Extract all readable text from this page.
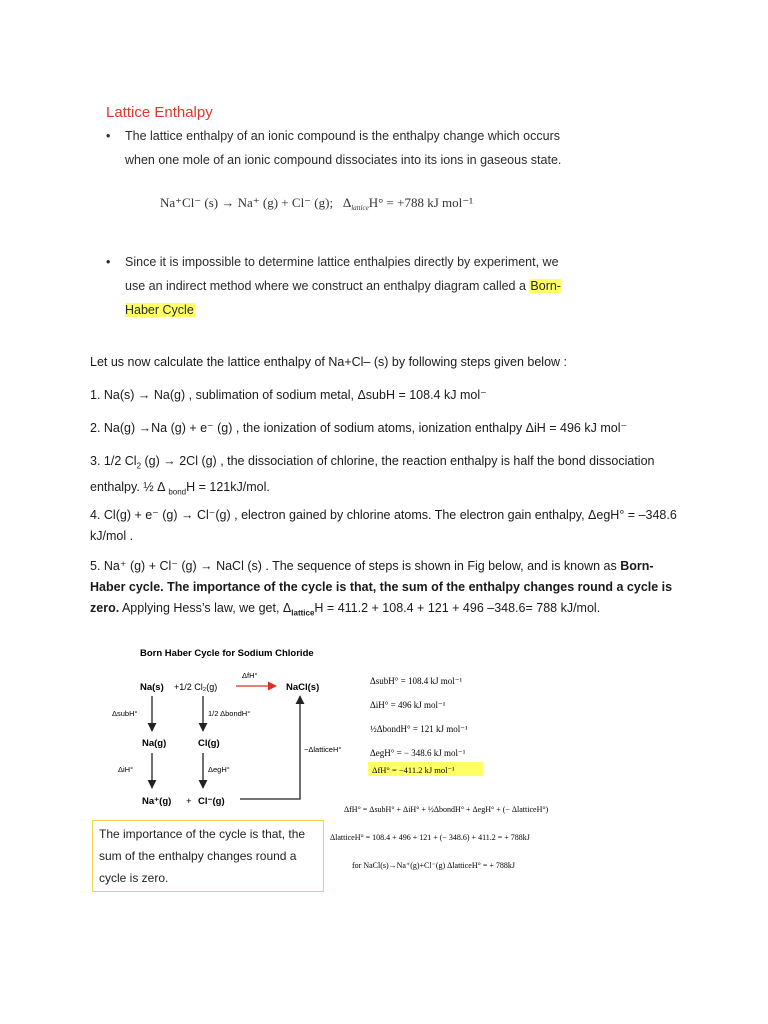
Lattice Enthalpy
• The lattice enthalpy of an ionic compound is the enthalpy change which occurs when one mole of an ionic compound dissociates into its ions in gaseous state.
Na⁺Cl⁻ (s) → Na⁺ (g) + Cl⁻ (g); $\Delta_{lattice}H^\circ = +788$ kJ mol⁻¹
• Since it is impossible to determine lattice enthalpies directly by experiment, we use an indirect method where we construct an enthalpy diagram called a Born-Haber Cycle
Let us now calculate the lattice enthalpy of Na+Cl– (s) by following steps given below :
1. Na(s) → Na(g) , sublimation of sodium metal, ΔsubH = 108.4 kJ mol⁻
2. Na(g) →Na (g) + e⁻ (g) , the ionization of sodium atoms, ionization enthalpy ΔiH = 496 kJ mol⁻
3. 1/2 $Cl_2$ (g) → 2Cl (g) , the dissociation of chlorine, the reaction enthalpy is half the bond dissociation enthalpy. ½ Δ $_{bond}$H = 121kJ/mol.
4. Cl(g) + e⁻ (g) → Cl⁻(g) , electron gained by chlorine atoms. The electron gain enthalpy, ΔegH° = –348.6 kJ/mol .
5. Na⁺ (g) + Cl⁻ (g) → NaCl (s) . The sequence of steps is shown in Fig below, and is known as Born-Haber cycle. The importance of the cycle is that, the sum of the enthalpy changes round a cycle is zero. Applying Hess’s law, we get, $\Delta_{lattice}H = 411.2 + 108.4 + 121 + 496$ –348.6= 788 kJ/mol.
Born Haber Cycle for Sodium Chloride
Na(s) +1/2 Cl₂(g)
ΔfH°
NaCl(s)
ΔsubH°	1/2 ΔbondH°
Na(g)	Cl(g)
ΔiH°	ΔegH°
Na⁺(g) + Cl⁻(g)
−ΔlatticeH°
ΔsubH° = 108.4 kJ mol⁻¹
ΔiH° = 496 kJ mol⁻¹
½ΔbondH° = 121 kJ mol⁻¹
ΔegH° = − 348.6 kJ mol⁻¹
ΔfH° = −411.2 kJ mol⁻¹
ΔfH° = ΔsubH° + ΔiH° + ½ΔbondH° + ΔegH° + (− ΔlatticeH°)
ΔlatticeH° = 108.4 + 496 + 121 + (− 348.6) + 411.2 = + 788kJ
for NaCl(s)→Na⁺(g)+Cl⁻(g) ΔlatticeH° = + 788kJ
The importance of the cycle is that, the sum of the enthalpy changes round a cycle is zero.
